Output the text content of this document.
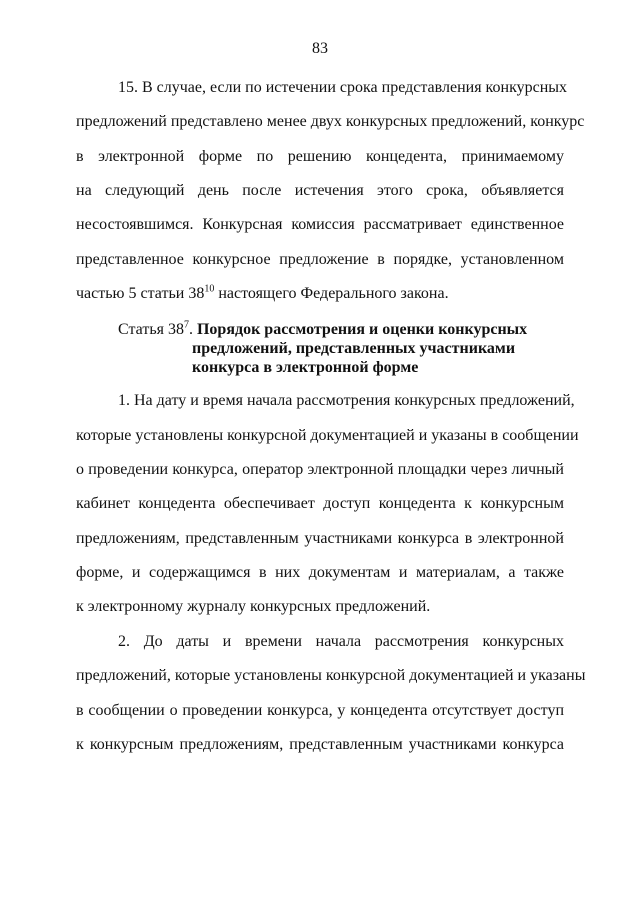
83
15. В случае, если по истечении срока представления конкурсных
предложений представлено менее двух конкурсных предложений, конкурс
в электронной форме по решению концедента, принимаемому
на следующий день после истечения этого срока, объявляется
несостоявшимся. Конкурсная комиссия рассматривает единственное
представленное конкурсное предложение в порядке, установленном
частью 5 статьи $38^{10}$ настоящего Федерального закона.
Статья $38^7$. Порядок рассмотрения и оценки конкурсных
предложений, представленных участниками
конкурса в электронной форме
1. На дату и время начала рассмотрения конкурсных предложений,
которые установлены конкурсной документацией и указаны в сообщении
о проведении конкурса, оператор электронной площадки через личный
кабинет концедента обеспечивает доступ концедента к конкурсным
предложениям, представленным участниками конкурса в электронной
форме, и содержащимся в них документам и материалам, а также
к электронному журналу конкурсных предложений.
2. До даты и времени начала рассмотрения конкурсных
предложений, которые установлены конкурсной документацией и указаны
в сообщении о проведении конкурса, у концедента отсутствует доступ
к конкурсным предложениям, представленным участниками конкурса
